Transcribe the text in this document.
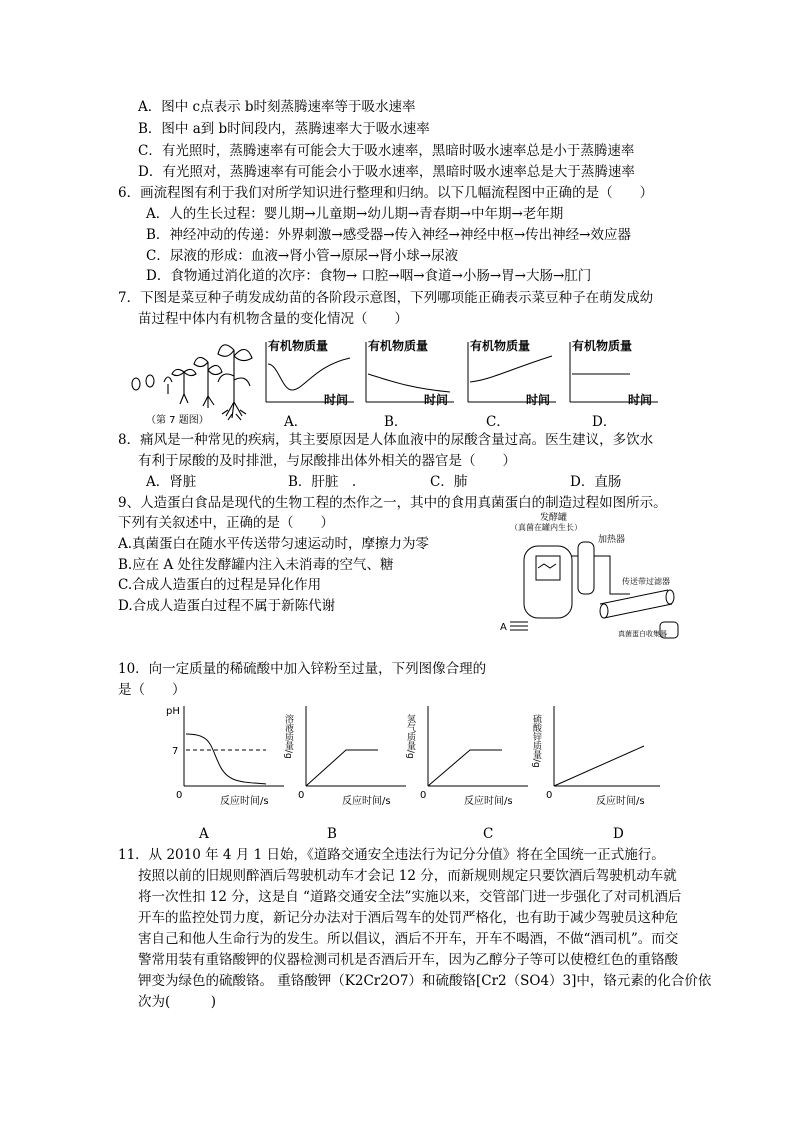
A．图中 c点表示 b时刻蒸腾速率等于吸水速率
B．图中 a到 b时间段内，蒸腾速率大于吸水速率
C．有光照时，蒸腾速率有可能会大于吸水速率，黑暗时吸水速率总是小于蒸腾速率
D．有光照对，蒸腾速率有可能会小于吸水速率，黑暗时吸水速率总是大于蒸腾速率
6．画流程图有利于我们对所学知识进行整理和归纳。以下几幅流程图中正确的是（　　）
A．人的生长过程：婴儿期→儿童期→幼儿期→青春期→中年期→老年期
B．神经冲动的传递：外界刺激→感受器→传入神经→神经中枢→传出神经→效应器
C．尿液的形成：血液→肾小管→原尿→肾小球→尿液
D．食物通过消化道的次序：食物→ 口腔→咽→食道→小肠→胃→大肠→肛门
7．下图是菜豆种子萌发成幼苗的各阶段示意图，下列哪项能正确表示菜豆种子在萌发成幼
苗过程中体内有机物含量的变化情况（　　）
（第 7 题图）
有机物质量
时间
有机物质量
时间
有机物质量
时间
有机物质量
时间
A．	B．	C．	D．
8．痛风是一种常见的疾病，其主要原因是人体血液中的尿酸含量过高。医生建议，多饮水
有利于尿酸的及时排泄，与尿酸排出体外相关的器官是（　　）
A．肾脏	B．肝脏　.	C．肺	D．直肠
9、人造蛋白食品是现代的生物工程的杰作之一，其中的食用真菌蛋白的制造过程如图所示。
下列有关叙述中，正确的是（　　）
A.真菌蛋白在随水平传送带匀速运动时，摩擦力为零
B.应在 A 处往发酵罐内注入未消毒的空气、糖
C.合成人造蛋白的过程是异化作用
D.合成人造蛋白过程不属于新陈代谢
发酵罐
（真菌在罐内生长）
加热器
传送带过滤器
A
真菌蛋白收集器
10．向一定质量的稀硫酸中加入锌粉至过量，下列图像合理的
是（　　）
pH
7
0
反应时间/s
溶液质量/g
0
反应时间/s
氢气质量/g
0
反应时间/s
硫酸锌质量/g
0
反应时间/s
A	B	C	D
11．从 2010 年 4 月 1 日始，《道路交通安全违法行为记分分值》将在全国统一正式施行。
按照以前的旧规则醉酒后驾驶机动车才会记 12 分，而新规则规定只要饮酒后驾驶机动车就
将一次性扣 12 分，这是自 “道路交通安全法”实施以来，交管部门进一步强化了对司机酒后
开车的监控处罚力度，新记分办法对于酒后驾车的处罚严格化，也有助于减少驾驶员这种危
害自己和他人生命行为的发生。所以倡议，酒后不开车，开车不喝酒，不做“酒司机”。而交
警常用装有重铬酸钾的仪器检测司机是否酒后开车，因为乙醇分子等可以使橙红色的重铬酸
钾变为绿色的硫酸铬。 重铬酸钾（K2Cr2O7）和硫酸铬[Cr2（SO4）3]中，铬元素的化合价依
次为(　　　)
